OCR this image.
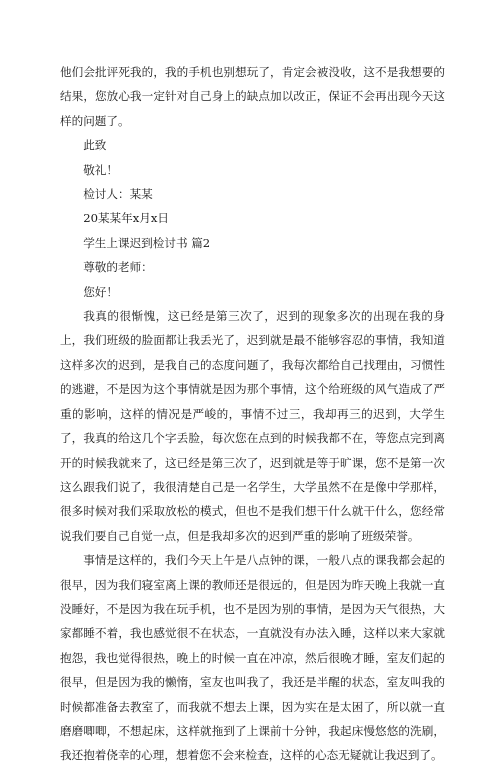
他们会批评死我的，我的手机也别想玩了，肯定会被没收，这不是我想要的结果，您放心我一定针对自己身上的缺点加以改正，保证不会再出现今天这样的问题了。

此致

敬礼！

检讨人：某某

20某某年x月x日

学生上课迟到检讨书 篇2

尊敬的老师：

您好！

我真的很惭愧，这已经是第三次了，迟到的现象多次的出现在我的身上，我们班级的脸面都让我丢光了，迟到就是最不能够容忍的事情，我知道这样多次的迟到，是我自己的态度问题了，我每次都给自己找理由，习惯性的逃避，不是因为这个事情就是因为那个事情，这个给班级的风气造成了严重的影响，这样的情况是严峻的，事情不过三，我却再三的迟到，大学生了，我真的给这几个字丢脸，每次您在点到的时候我都不在，等您点完到离开的时候我就来了，这已经是第三次了，迟到就是等于旷课，您不是第一次这么跟我们说了，我很清楚自己是一名学生，大学虽然不在是像中学那样，很多时候对我们采取放松的模式，但也不是我们想干什么就干什么，您经常说我们要自己自觉一点，但是我却多次的迟到严重的影响了班级荣誉。

事情是这样的，我们今天上午是八点钟的课，一般八点的课我都会起的很早，因为我们寝室离上课的教师还是很远的，但是因为昨天晚上我就一直没睡好，不是因为我在玩手机，也不是因为别的事情，是因为天气很热，大家都睡不着，我也感觉很不在状态，一直就没有办法入睡，这样以来大家就抱怨，我也觉得很热，晚上的时候一直在冲凉，然后很晚才睡，室友们起的很早，但是因为我的懒惰，室友也叫我了，我还是半醒的状态，室友叫我的时候都准备去教室了，而我就不想去上课，因为实在是太困了，所以就一直磨磨唧唧，不想起床，这样就拖到了上课前十分钟，我起床慢悠悠的洗刷，我还抱着侥幸的心理，想着您不会来检查，这样的心态无疑就让我迟到了。
